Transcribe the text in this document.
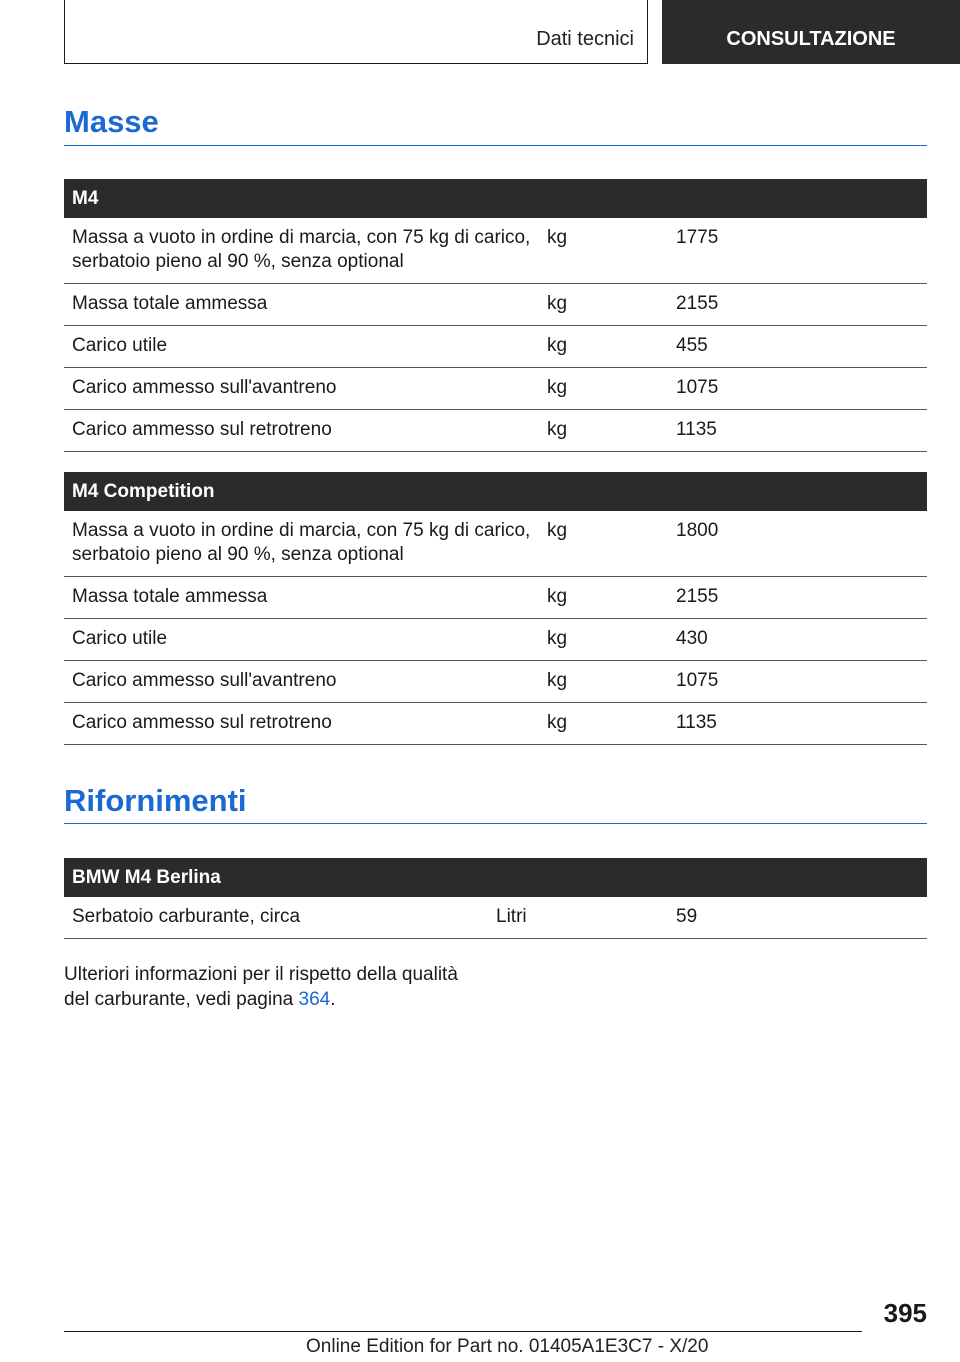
Dati tecnici	CONSULTAZIONE
Masse
M4		
Massa a vuoto in ordine di marcia, con 75 kg di carico, serbatoio pieno al 90 %, senza optional	kg	1775
Massa totale ammessa	kg	2155
Carico utile	kg	455
Carico ammesso sull'avantreno	kg	1075
Carico ammesso sul retrotreno	kg	1135
M4 Competition		
Massa a vuoto in ordine di marcia, con 75 kg di carico, serbatoio pieno al 90 %, senza optional	kg	1800
Massa totale ammessa	kg	2155
Carico utile	kg	430
Carico ammesso sull'avantreno	kg	1075
Carico ammesso sul retrotreno	kg	1135
Rifornimenti
BMW M4 Berlina
Serbatoio carburante, circa	Litri	59

Ulteriori informazioni per il rispetto della qualità del carburante, vedi pagina 364.

395
Online Edition for Part no. 01405A1E3C7 - X/20
